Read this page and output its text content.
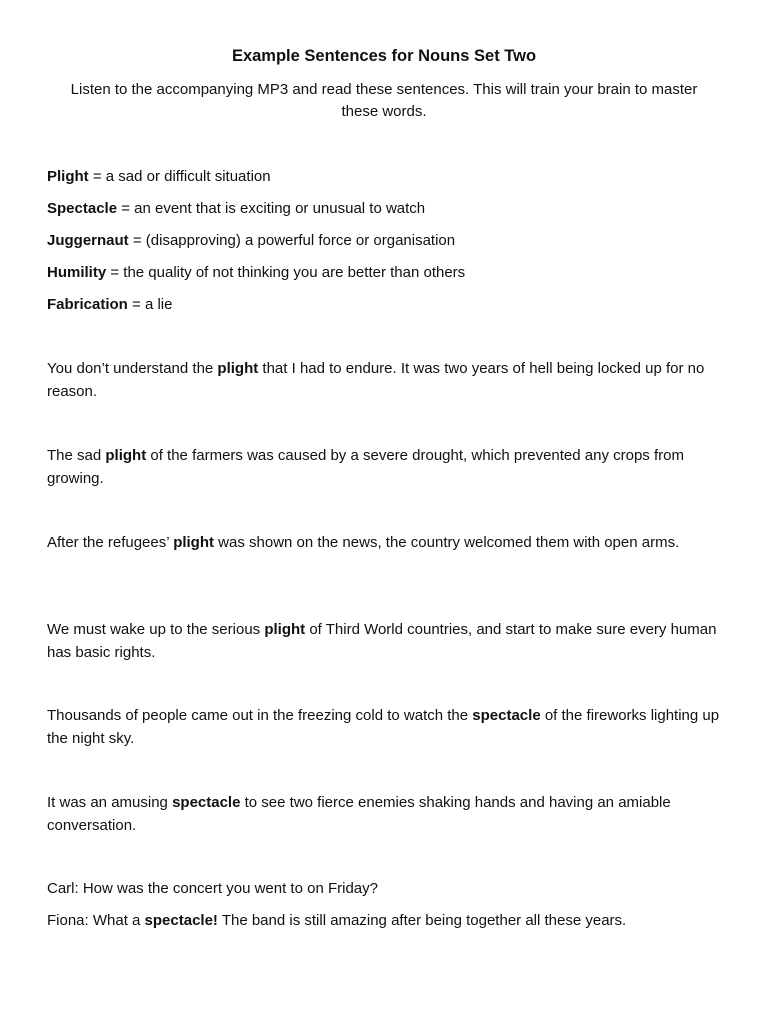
Example Sentences for Nouns Set Two
Listen to the accompanying MP3 and read these sentences. This will train your brain to master these words.
Plight = a sad or difficult situation
Spectacle = an event that is exciting or unusual to watch
Juggernaut = (disapproving) a powerful force or organisation
Humility = the quality of not thinking you are better than others
Fabrication = a lie
You don’t understand the plight that I had to endure. It was two years of hell being locked up for no reason.
The sad plight of the farmers was caused by a severe drought, which prevented any crops from growing.
After the refugees’ plight was shown on the news, the country welcomed them with open arms.
We must wake up to the serious plight of Third World countries, and start to make sure every human has basic rights.
Thousands of people came out in the freezing cold to watch the spectacle of the fireworks lighting up the night sky.
It was an amusing spectacle to see two fierce enemies shaking hands and having an amiable conversation.
Carl: How was the concert you went to on Friday?
Fiona: What a spectacle! The band is still amazing after being together all these years.
